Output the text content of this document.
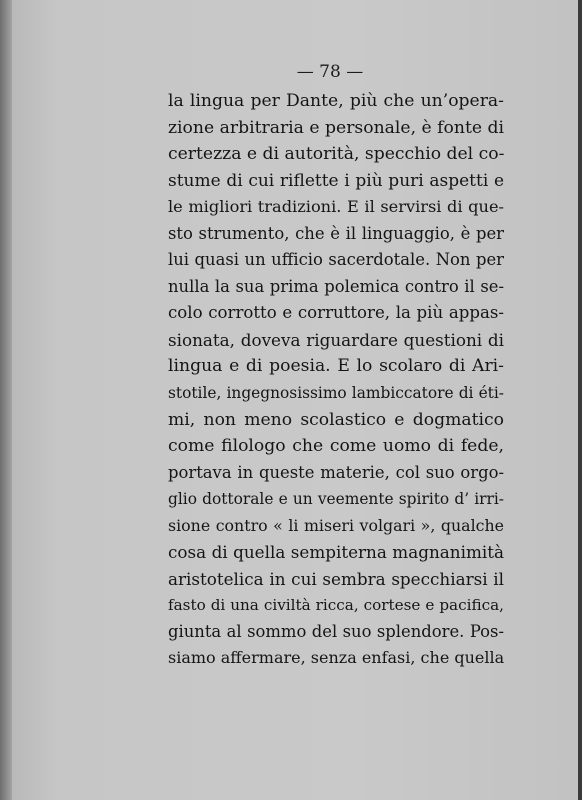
— 78 —
la lingua per Dante, più che un’opera-
zione arbitraria e personale, è fonte di
certezza e di autorità, specchio del co-
stume di cui riflette i più puri aspetti e
le migliori tradizioni. E il servirsi di que-
sto strumento, che è il linguaggio, è per
lui quasi un ufficio sacerdotale. Non per
nulla la sua prima polemica contro il se-
colo corrotto e corruttore, la più appas-
sionata, doveva riguardare questioni di
lingua e di poesia. E lo scolaro di Ari-
stotile, ingegnosissimo lambiccatore di éti-
mi, non meno scolastico e dogmatico
come filologo che come uomo di fede,
portava in queste materie, col suo orgo-
glio dottorale e un veemente spirito d’ irri-
sione contro « li miseri volgari », qualche
cosa di quella sempiterna magnanimità
aristotelica in cui sembra specchiarsi il
fasto di una civiltà ricca, cortese e pacifica,
giunta al sommo del suo splendore. Pos-
siamo affermare, senza enfasi, che quella
